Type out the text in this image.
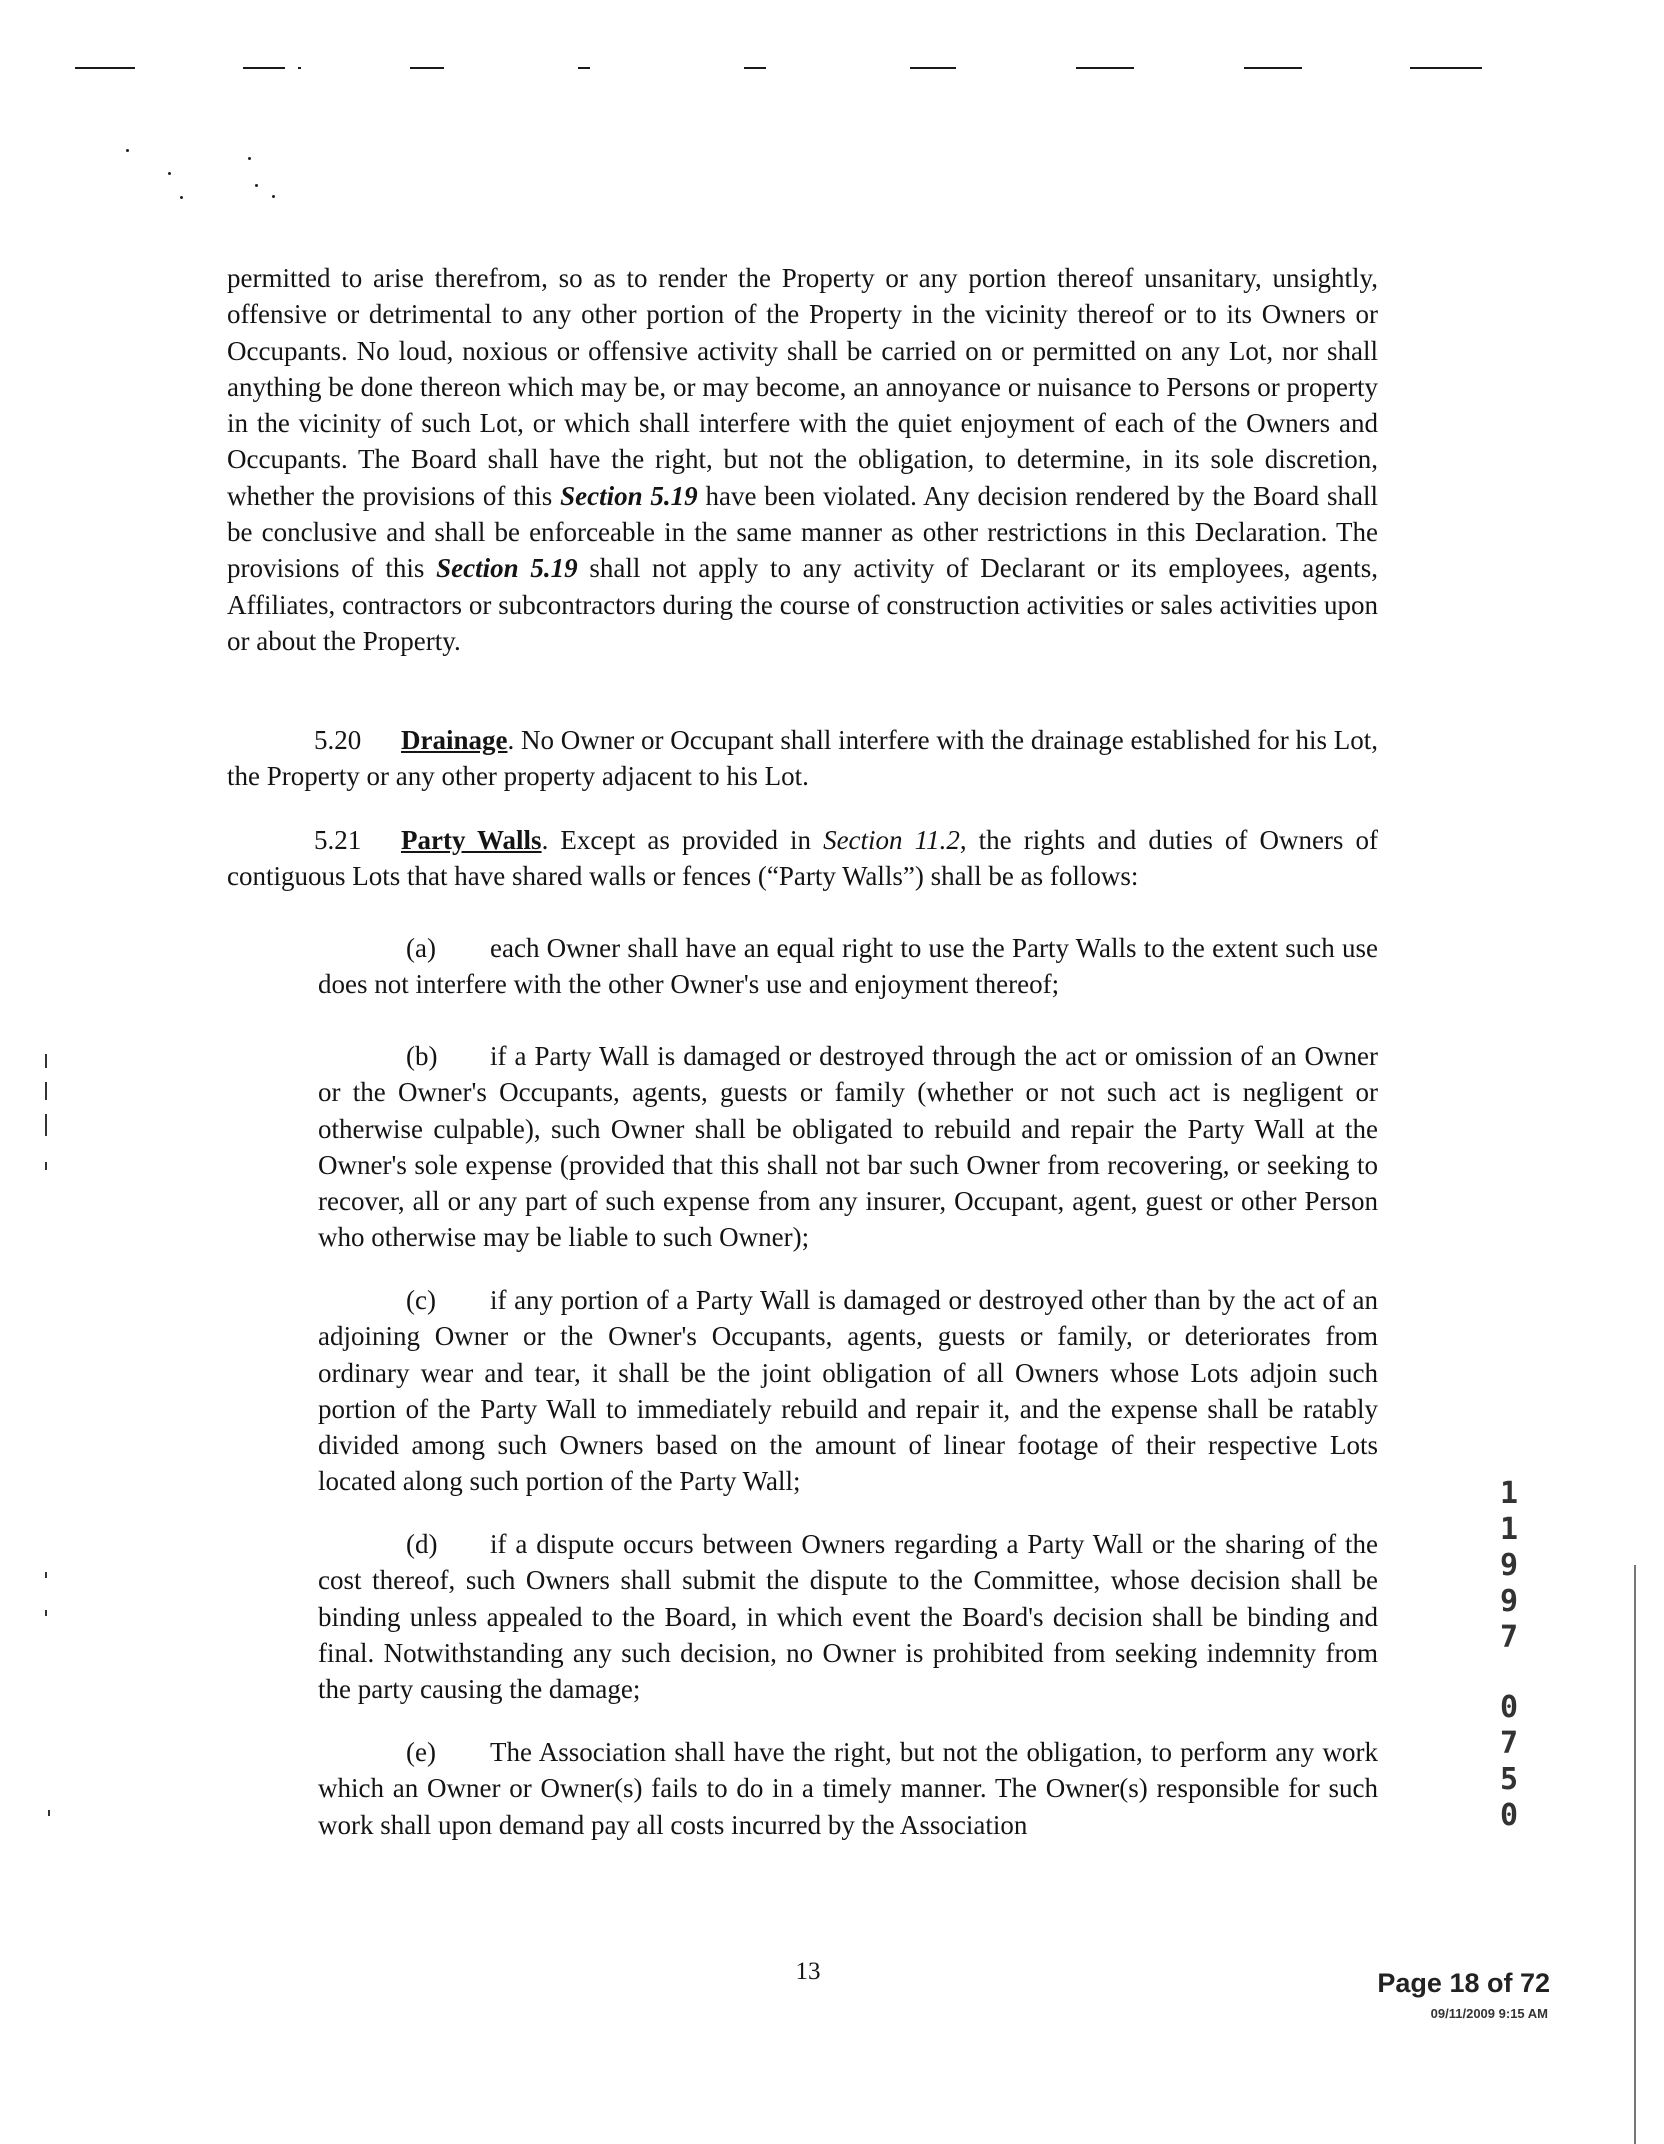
permitted to arise therefrom, so as to render the Property or any portion thereof unsanitary, unsightly, offensive or detrimental to any other portion of the Property in the vicinity thereof or to its Owners or Occupants. No loud, noxious or offensive activity shall be carried on or permitted on any Lot, nor shall anything be done thereon which may be, or may become, an annoyance or nuisance to Persons or property in the vicinity of such Lot, or which shall interfere with the quiet enjoyment of each of the Owners and Occupants. The Board shall have the right, but not the obligation, to determine, in its sole discretion, whether the provisions of this Section 5.19 have been violated. Any decision rendered by the Board shall be conclusive and shall be enforceable in the same manner as other restrictions in this Declaration. The provisions of this Section 5.19 shall not apply to any activity of Declarant or its employees, agents, Affiliates, contractors or subcontractors during the course of construction activities or sales activities upon or about the Property.
5.20 Drainage. No Owner or Occupant shall interfere with the drainage established for his Lot, the Property or any other property adjacent to his Lot.
5.21 Party Walls. Except as provided in Section 11.2, the rights and duties of Owners of contiguous Lots that have shared walls or fences (“Party Walls”) shall be as follows:
(a) each Owner shall have an equal right to use the Party Walls to the extent such use does not interfere with the other Owner's use and enjoyment thereof;
(b) if a Party Wall is damaged or destroyed through the act or omission of an Owner or the Owner's Occupants, agents, guests or family (whether or not such act is negligent or otherwise culpable), such Owner shall be obligated to rebuild and repair the Party Wall at the Owner's sole expense (provided that this shall not bar such Owner from recovering, or seeking to recover, all or any part of such expense from any insurer, Occupant, agent, guest or other Person who otherwise may be liable to such Owner);
(c) if any portion of a Party Wall is damaged or destroyed other than by the act of an adjoining Owner or the Owner's Occupants, agents, guests or family, or deteriorates from ordinary wear and tear, it shall be the joint obligation of all Owners whose Lots adjoin such portion of the Party Wall to immediately rebuild and repair it, and the expense shall be ratably divided among such Owners based on the amount of linear footage of their respective Lots located along such portion of the Party Wall;
(d) if a dispute occurs between Owners regarding a Party Wall or the sharing of the cost thereof, such Owners shall submit the dispute to the Committee, whose decision shall be binding unless appealed to the Board, in which event the Board's decision shall be binding and final. Notwithstanding any such decision, no Owner is prohibited from seeking indemnity from the party causing the damage;
(e) The Association shall have the right, but not the obligation, to perform any work which an Owner or Owner(s) fails to do in a timely manner. The Owner(s) responsible for such work shall upon demand pay all costs incurred by the Association
13
1
1
9
9
7
0
7
5
0
Page 18 of 72
09/11/2009 9:15 AM
